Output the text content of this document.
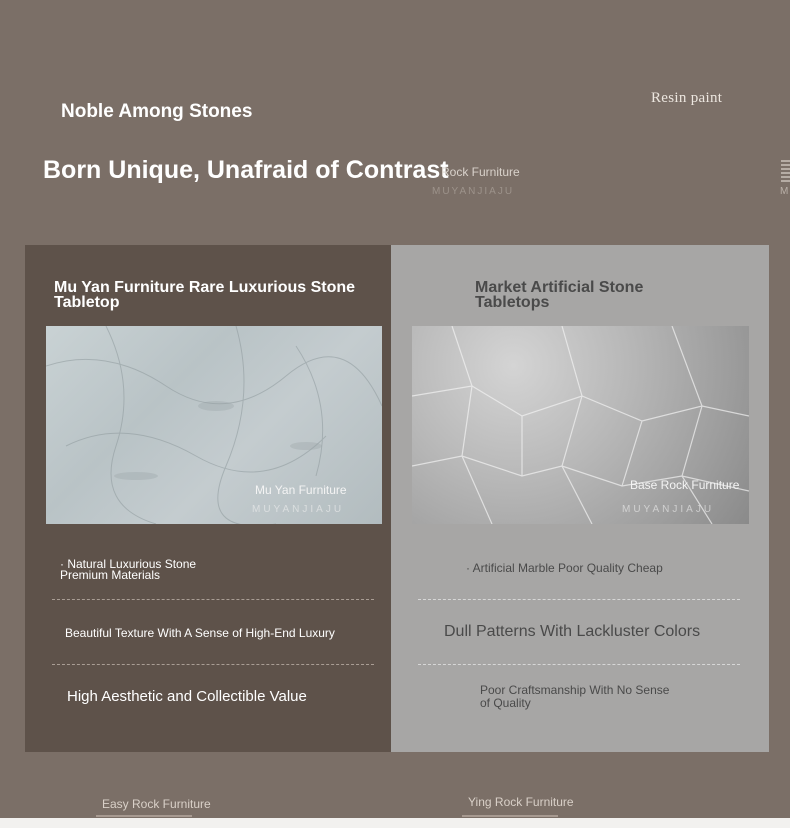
Noble Among Stones
Resin paint
Born Unique, Unafraid of Contrast
Rock Furniture
MUYANJIAJU	M
Mu Yan Furniture Rare Luxurious Stone Tabletop
Market Artificial Stone Tabletops
Mu Yan Furniture
MUYANJIAJU
Base Rock Furniture
MUYANJIAJU
· Natural Luxurious Stone
Premium Materials
Beautiful Texture With A Sense of High-End Luxury
High Aesthetic and Collectible Value
· Artificial Marble Poor Quality Cheap
Dull Patterns With Lackluster Colors
Poor Craftsmanship With No Sense
of Quality
Easy Rock Furniture	Ying Rock Furniture
